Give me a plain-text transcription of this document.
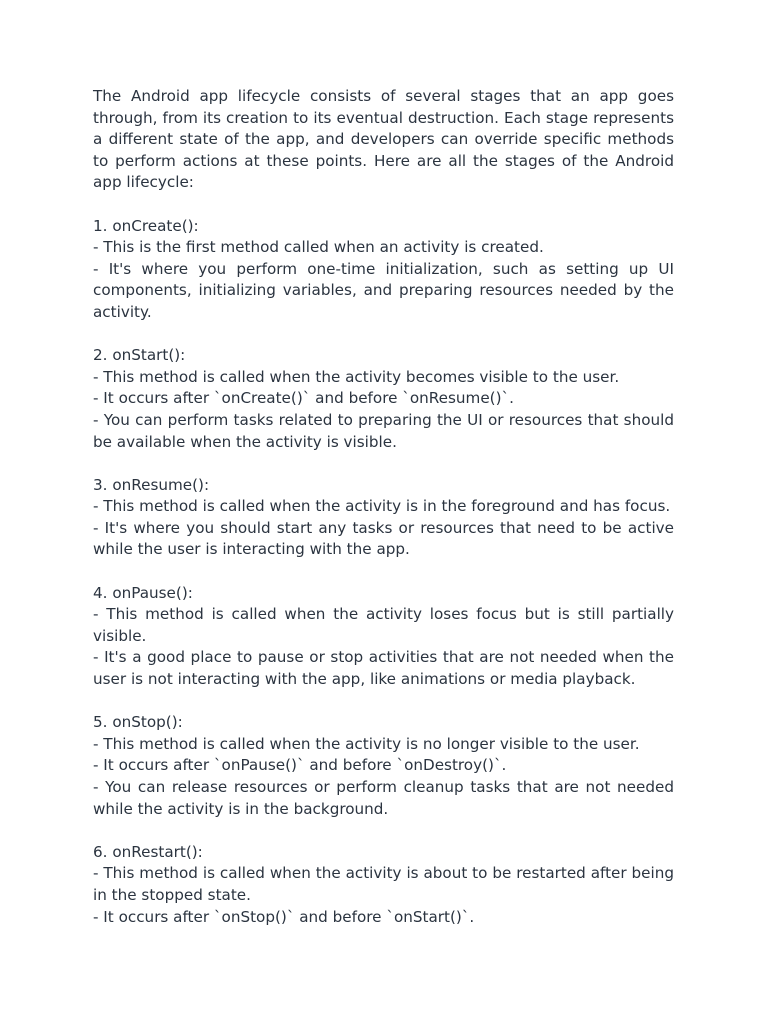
The Android app lifecycle consists of several stages that an app goes through, from its creation to its eventual destruction. Each stage represents a different state of the app, and developers can override specific methods to perform actions at these points. Here are all the stages of the Android app lifecycle:

1. onCreate():

- This is the first method called when an activity is created.

- It's where you perform one-time initialization, such as setting up UI components, initializing variables, and preparing resources needed by the activity.

2. onStart():

- This method is called when the activity becomes visible to the user.

- It occurs after `onCreate()` and before `onResume()`.

- You can perform tasks related to preparing the UI or resources that should be available when the activity is visible.

3. onResume():

- This method is called when the activity is in the foreground and has focus.

- It's where you should start any tasks or resources that need to be active while the user is interacting with the app.

4. onPause():

- This method is called when the activity loses focus but is still partially visible.

- It's a good place to pause or stop activities that are not needed when the user is not interacting with the app, like animations or media playback.

5. onStop():

- This method is called when the activity is no longer visible to the user.

- It occurs after `onPause()` and before `onDestroy()`.

- You can release resources or perform cleanup tasks that are not needed while the activity is in the background.

6. onRestart():

- This method is called when the activity is about to be restarted after being in the stopped state.

- It occurs after `onStop()` and before `onStart()`.
